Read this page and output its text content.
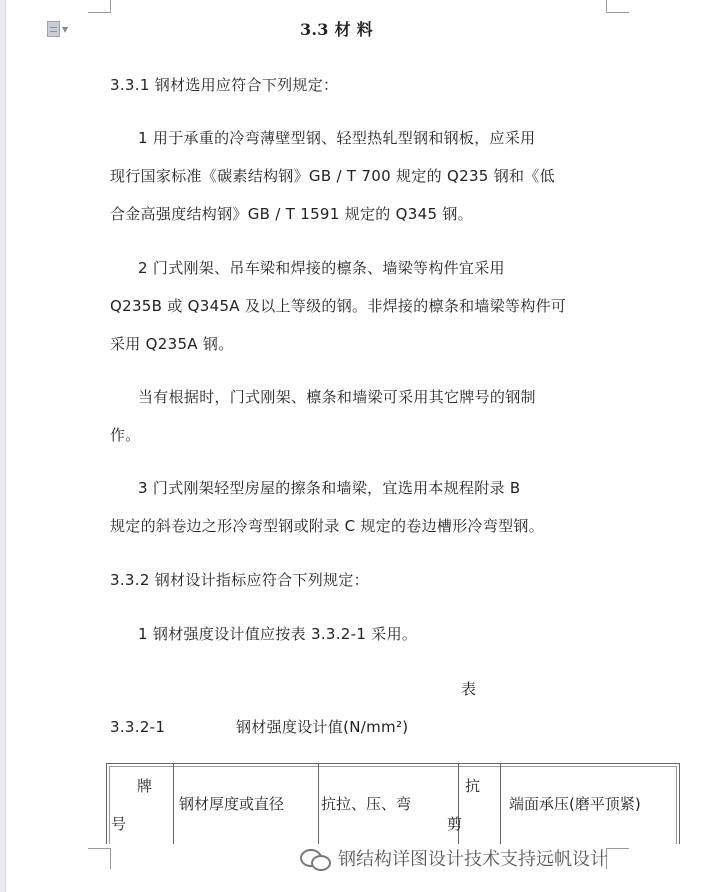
▼	3.3 材 料
3.3.1 钢材选用应符合下列规定：
1 用于承重的冷弯薄壁型钢、轻型热轧型钢和钢板，应采用
现行国家标准《碳素结构钢》GB / T 700 规定的 Q235 钢和《低
合金高强度结构钢》GB / T 1591 规定的 Q345 钢。
2 门式刚架、吊车梁和焊接的檩条、墙梁等构件宜采用
Q235B 或 Q345A 及以上等级的钢。非焊接的檩条和墙梁等构件可
采用 Q235A 钢。
当有根据时，门式刚架、檩条和墙梁可采用其它牌号的钢制
作。
3 门式刚架轻型房屋的擦条和墙梁，宜选用本规程附录 B
规定的斜卷边之形冷弯型钢或附录 C 规定的卷边槽形冷弯型钢。
3.3.2 钢材设计指标应符合下列规定：
1 钢材强度设计值应按表 3.3.2-1 采用。
表
3.3.2-1	钢材强度设计值(N/mm²)
牌
号
钢材厚度或直径 抗拉、压、弯
抗
剪
端面承压(磨平顶紧)
钢结构详图设计技术支持远帆设计
